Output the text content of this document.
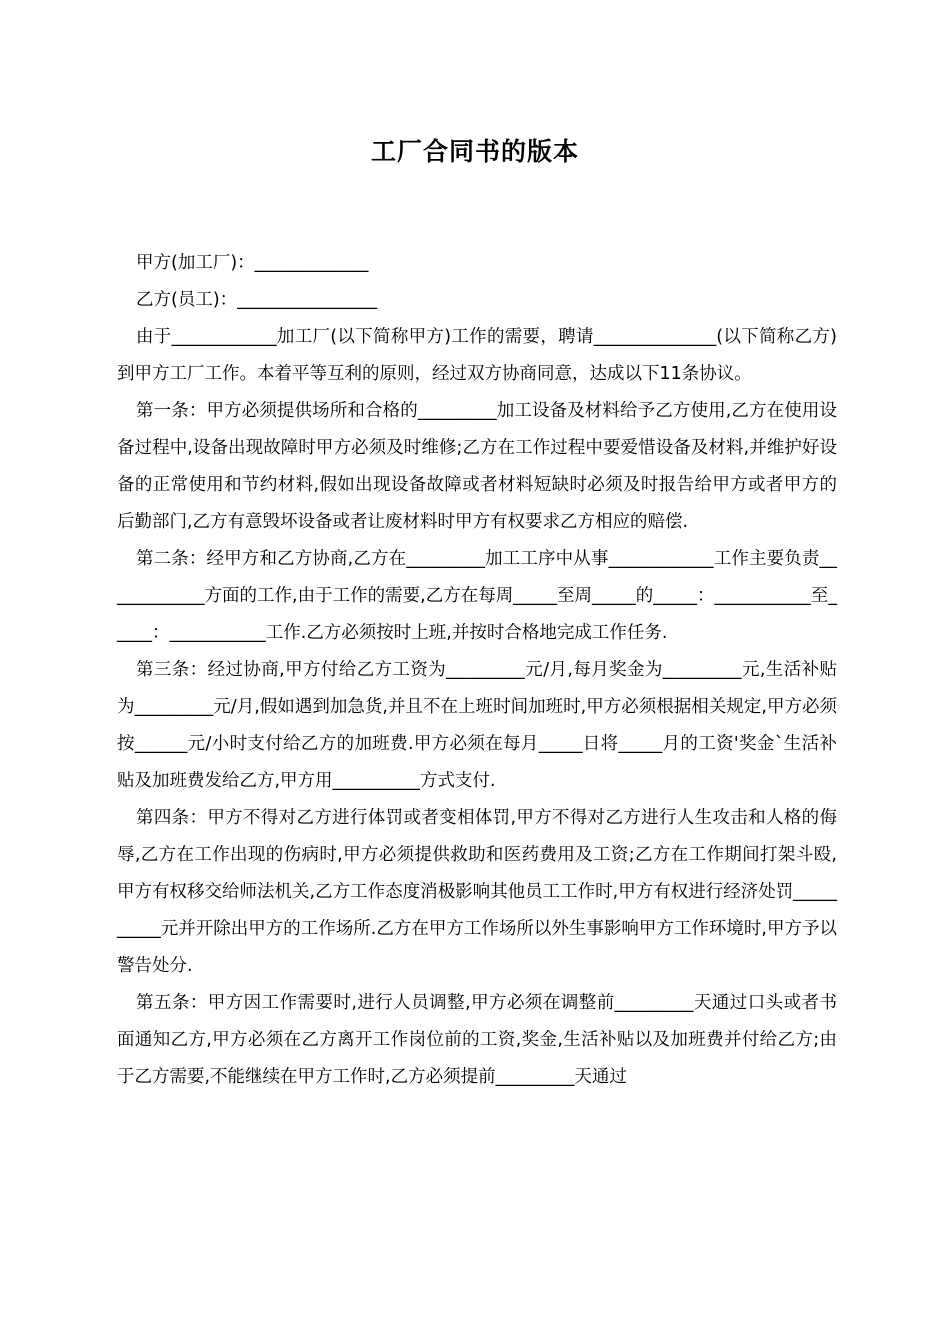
工厂合同书的版本

甲方(加工厂)：_____________

乙方(员工)：________________

由于____________加工厂(以下简称甲方)工作的需要，聘请______________(以下简称乙方)到甲方工厂工作。本着平等互利的原则，经过双方协商同意，达成以下11条协议。

第一条：甲方必须提供场所和合格的_________加工设备及材料给予乙方使用,乙方在使用设备过程中,设备出现故障时甲方必须及时维修;乙方在工作过程中要爱惜设备及材料,并维护好设备的正常使用和节约材料,假如出现设备故障或者材料短缺时必须及时报告给甲方或者甲方的后勤部门,乙方有意毁坏设备或者让废材料时甲方有权要求乙方相应的赔偿.

第二条：经甲方和乙方协商,乙方在_________加工工序中从事____________工作主要负责____________方面的工作,由于工作的需要,乙方在每周_____至周_____的_____：___________至_____：___________工作.乙方必须按时上班,并按时合格地完成工作任务.

第三条：经过协商,甲方付给乙方工资为_________元/月,每月奖金为_________元,生活补贴为_________元/月,假如遇到加急货,并且不在上班时间加班时,甲方必须根据相关规定,甲方必须按______元/小时支付给乙方的加班费.甲方必须在每月_____日将_____月的工资'奖金`生活补贴及加班费发给乙方,甲方用__________方式支付.

第四条：甲方不得对乙方进行体罚或者变相体罚,甲方不得对乙方进行人生攻击和人格的侮辱,乙方在工作出现的伤病时,甲方必须提供救助和医药费用及工资;乙方在工作期间打架斗殴,甲方有权移交给师法机关,乙方工作态度消极影响其他员工工作时,甲方有权进行经济处罚__________元并开除出甲方的工作场所.乙方在甲方工作场所以外生事影响甲方工作环境时,甲方予以警告处分.

第五条：甲方因工作需要时,进行人员调整,甲方必须在调整前_________天通过口头或者书面通知乙方,甲方必须在乙方离开工作岗位前的工资,奖金,生活补贴以及加班费并付给乙方;由于乙方需要,不能继续在甲方工作时,乙方必须提前_________天通过
